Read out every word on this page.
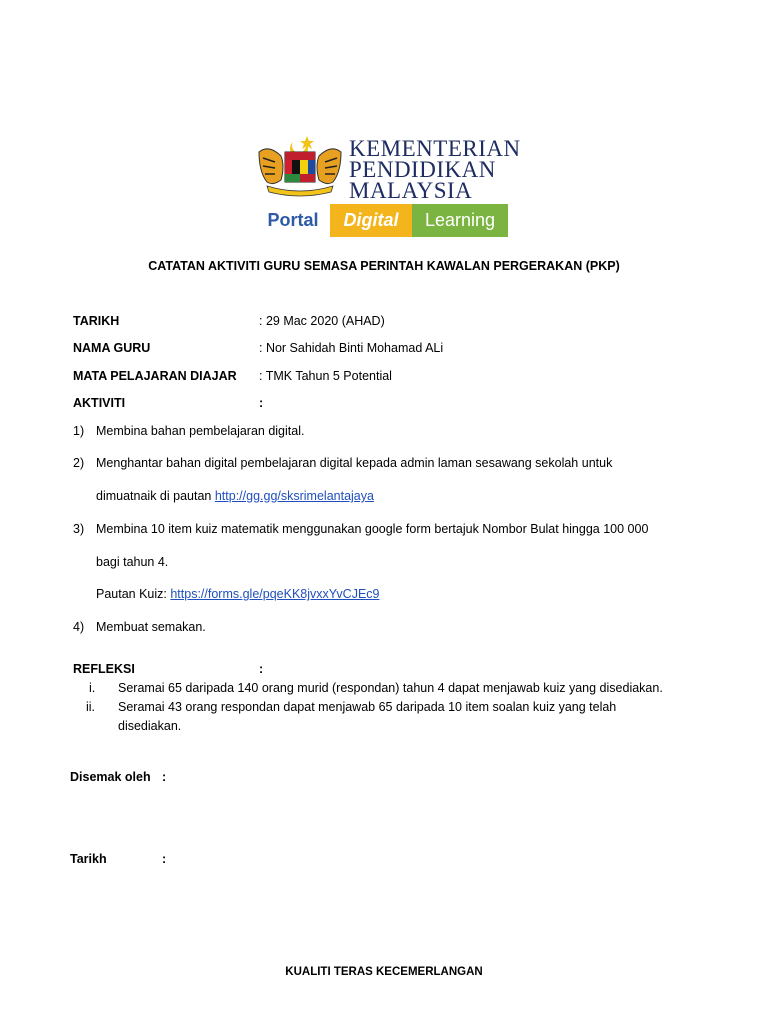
KEMENTERIAN
PENDIDIKAN
MALAYSIA
Portal	Digital	Learning
CATATAN AKTIVITI GURU SEMASA PERINTAH KAWALAN PERGERAKAN (PKP)
TARIKH	: 29 Mac 2020 (AHAD)
NAMA GURU	: Nor Sahidah Binti Mohamad ALi
MATA PELAJARAN DIAJAR : TMK Tahun 5 Potential
AKTIVITI	:
1) Membina bahan pembelajaran digital.
2) Menghantar bahan digital pembelajaran digital kepada admin laman sesawang sekolah untuk
dimuatnaik di pautan http://gg.gg/sksrimelantajaya
3) Membina 10 item kuiz matematik menggunakan google form bertajuk Nombor Bulat hingga 100 000
bagi tahun 4.
Pautan Kuiz: https://forms.gle/pqeKK8jvxxYvCJEc9
4) Membuat semakan.
REFLEKSI	:
i. Seramai 65 daripada 140 orang murid (respondan) tahun 4 dapat menjawab kuiz yang disediakan.
ii. Seramai 43 orang respondan dapat menjawab 65 daripada 10 item soalan kuiz yang telah
disediakan.
Disemak oleh :
Tarikh	:
KUALITI TERAS KECEMERLANGAN
